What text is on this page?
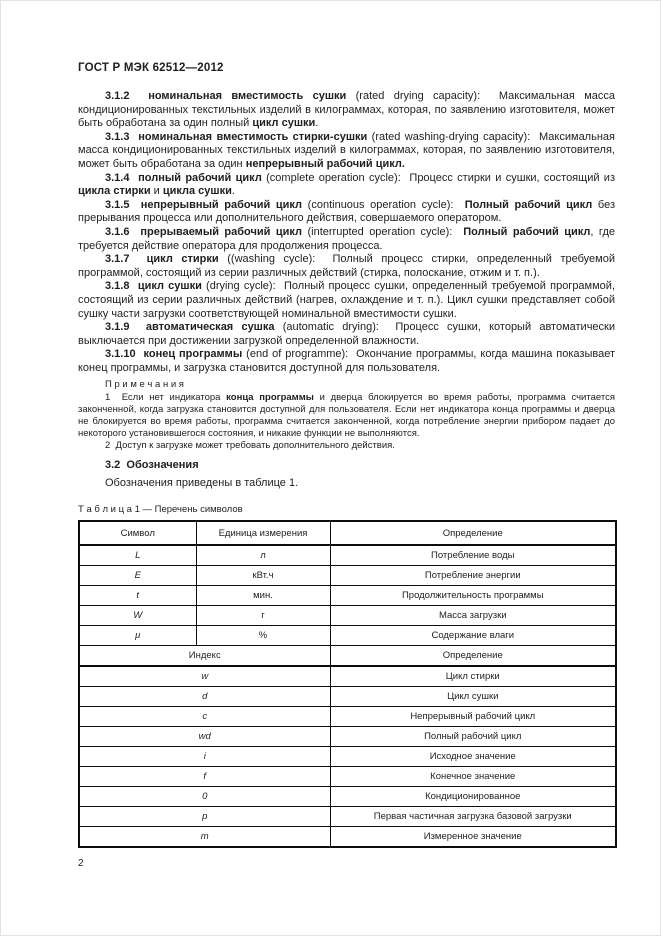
ГОСТ Р МЭК 62512—2012

3.1.2  номинальная вместимость сушки (rated drying capacity):  Максимальная масса кондиционированных текстильных изделий в килограммах, которая, по заявлению изготовителя, может быть обработана за один полный цикл сушки.

3.1.3  номинальная вместимость стирки-сушки (rated washing-drying capacity):  Максимальная масса кондиционированных текстильных изделий в килограммах, которая, по заявлению изготовителя, может быть обработана за один непрерывный рабочий цикл.

3.1.4  полный рабочий цикл (complete operation cycle):  Процесс стирки и сушки, состоящий из цикла стирки и цикла сушки.

3.1.5  непрерывный рабочий цикл (continuous operation cycle):  Полный рабочий цикл без прерывания процесса или дополнительного действия, совершаемого оператором.

3.1.6  прерываемый рабочий цикл (interrupted operation cycle):  Полный рабочий цикл, где требуется действие оператора для продолжения процесса.

3.1.7  цикл стирки ((washing cycle):  Полный процесс стирки, определенный требуемой программой, состоящий из серии различных действий (стирка, полоскание, отжим и т. п.).

3.1.8  цикл сушки (drying cycle):  Полный процесс сушки, определенный требуемой программой, состоящий из серии различных действий (нагрев, охлаждение и т. п.). Цикл сушки представляет собой сушку части загрузки соответствующей номинальной вместимости сушки.

3.1.9  автоматическая сушка (automatic drying):  Процесс сушки, который автоматически выключается при достижении загрузкой определенной влажности.

3.1.10  конец программы (end of programme):  Окончание программы, когда машина показывает конец программы, и загрузка становится доступной для пользователя.

П р и м е ч а н и я

1  Если нет индикатора конца программы и дверца блокируется во время работы, программа считается законченной, когда загрузка становится доступной для пользователя. Если нет индикатора конца программы и дверца не блокируется во время работы, программа считается законченной, когда потребление энергии прибором падает до некоторого установившегося состояния, и никакие функции не выполняются.

2  Доступ к загрузке может требовать дополнительного действия.

3.2  Обозначения

Обозначения приведены в таблице 1.

Т а б л и ц а 1 — Перечень символов

Символ	Единица измерения	Определение
L	л	Потребление воды
E	кВт.ч	Потребление энергии
t	мин.	Продолжительность программы
W	г	Масса загрузки
μ	%	Содержание влаги
Индекс		Определение
w		Цикл стирки
d		Цикл сушки
c		Непрерывный рабочий цикл
wd		Полный рабочий цикл
i		Исходное значение
f		Конечное значение
0		Кондиционированное
p		Первая частичная загрузка базовой загрузки
m		Измеренное значение

2
